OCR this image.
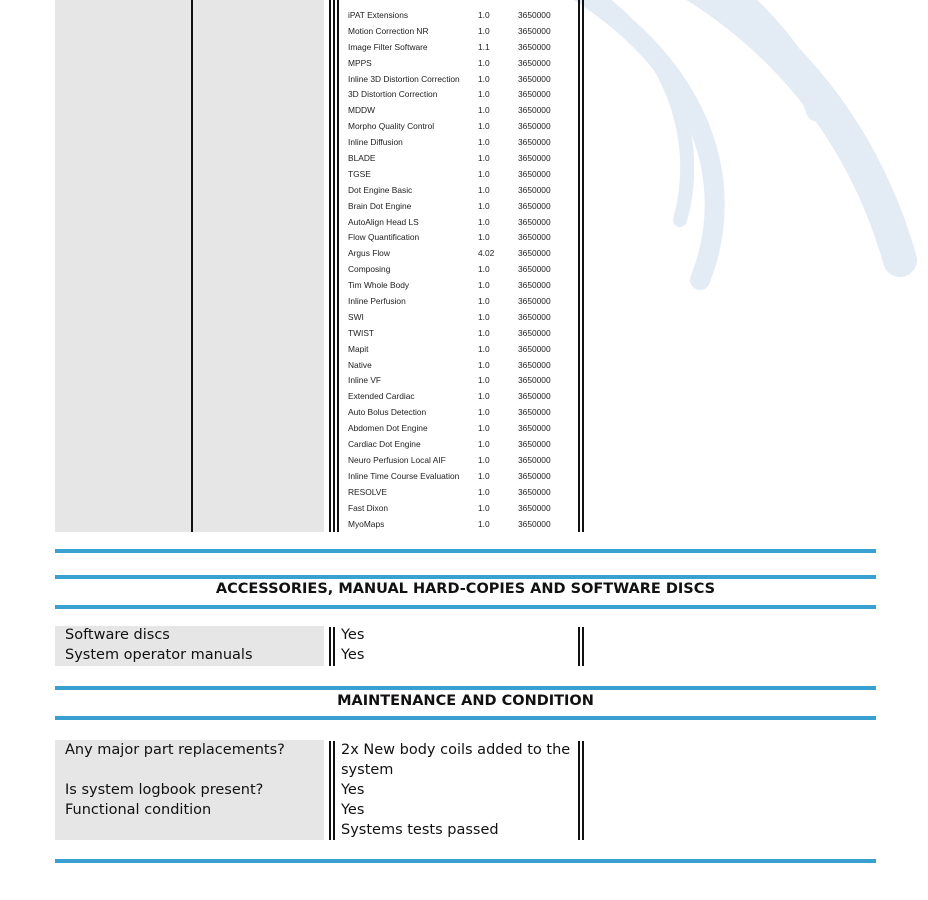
iPAT Extensions	1.0	3650000
Motion Correction NR	1.0	3650000
Image Filter Software	1.1	3650000
MPPS	1.0	3650000
Inline 3D Distortion Correction 1.0	3650000
3D Distortion Correction	1.0	3650000
MDDW	1.0	3650000
Morpho Quality Control	1.0	3650000
Inline Diffusion	1.0	3650000
BLADE	1.0	3650000
TGSE	1.0	3650000
Dot Engine Basic	1.0	3650000
Brain Dot Engine	1.0	3650000
AutoAlign Head LS	1.0	3650000
Flow Quantification	1.0	3650000
Argus Flow	4.02	3650000
Composing	1.0	3650000
Tim Whole Body	1.0	3650000
Inline Perfusion	1.0	3650000
SWI	1.0	3650000
TWIST	1.0	3650000
Mapit	1.0	3650000
Native	1.0	3650000
Inline VF	1.0	3650000
Extended Cardiac	1.0	3650000
Auto Bolus Detection	1.0	3650000
Abdomen Dot Engine	1.0	3650000
Cardiac Dot Engine	1.0	3650000
Neuro Perfusion Local AIF	1.0	3650000
Inline Time Course Evaluation 1.0	3650000
RESOLVE	1.0	3650000
Fast Dixon	1.0	3650000
MyoMaps	1.0	3650000
ACCESSORIES, MANUAL HARD-COPIES AND SOFTWARE DISCS
Software discs	Yes
System operator manuals	Yes
MAINTENANCE AND CONDITION
Any major part replacements?	2x New body coils added to the
system
Is system logbook present?	Yes
Functional condition	Yes
Systems tests passed
